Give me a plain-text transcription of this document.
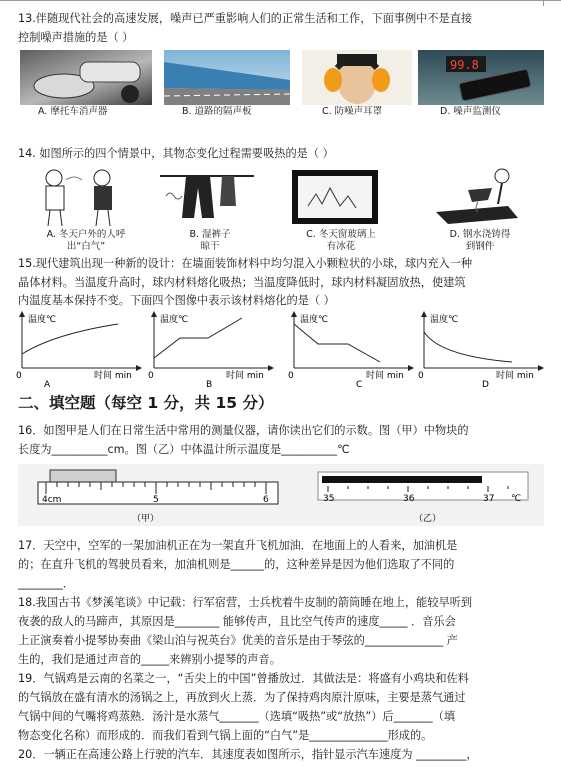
13.伴随现代社会的高速发展，噪声已严重影响人们的正常生活和工作，下面事例中不是直接
控制噪声措施的是（ ）
99.8
A. 摩托车消声器	B. 道路的隔声板	C. 防噪声耳罩	D. 噪声监测仪
14. 如图所示的四个情景中，其物态变化过程需要吸热的是（ ）
A. 冬天户外的人呼
出“白气”
B. 湿裤子
晾干
C. 冬天窗玻璃上
有冰花
D. 钢水浇铸得
到钢件
15.现代建筑出现一种新的设计：在墙面装饰材料中均匀混入小颗粒状的小球，球内充入一种
晶体材料。当温度升高时，球内材料熔化吸热；当温度降低时，球内材料凝固放热，使建筑
内温度基本保持不变。下面四个图像中表示该材料熔化的是（ ）
温度℃
0	时间 min
A
温度℃
0	时间 min
B
温度℃
0	时间 min
C
温度℃
0	时间 min
D
二、填空题（每空 1 分，共 15 分）
16．如图甲是人们在日常生活中常用的测量仪器，请你读出它们的示数。图（甲）中物块的
长度为__________cm。图（乙）中体温计所示温度是__________℃
4cm	5	6
（甲）
35	36	37 ℃
（乙）
17．天空中，空军的一架加油机正在为一架直升飞机加油．在地面上的人看来，加油机是
的；在直升飞机的驾驶员看来，加油机则是______的，这种差异是因为他们选取了不同的
________．
18.我国古书《梦溪笔谈》中记载：行军宿营，士兵枕着牛皮制的箭筒睡在地上，能较早听到
夜袭的敌人的马蹄声，其原因是________ 能够传声，且比空气传声的速度_____ ．音乐会
上正演奏着小提琴协奏曲《梁山泊与祝英台》优美的音乐是由于琴弦的______________ 产
生的，我们是通过声音的_____来辨别小提琴的声音。
19．气锅鸡是云南的名菜之一，“舌尖上的中国”曾播放过．其做法是：将盛有小鸡块和佐料
的气锅放在盛有清水的汤锅之上，再放到火上蒸．为了保持鸡肉原汁原味，主要是蒸气通过
气锅中间的气嘴将鸡蒸熟．汤汁是水蒸气_______（选填“吸热”或“放热”）后_______（填
物态变化名称）而形成的．而我们看到气锅上面的“白气”是______________形成的。
20．一辆正在高速公路上行驶的汽车．其速度表如图所示，指针显示汽车速度为 _________，
